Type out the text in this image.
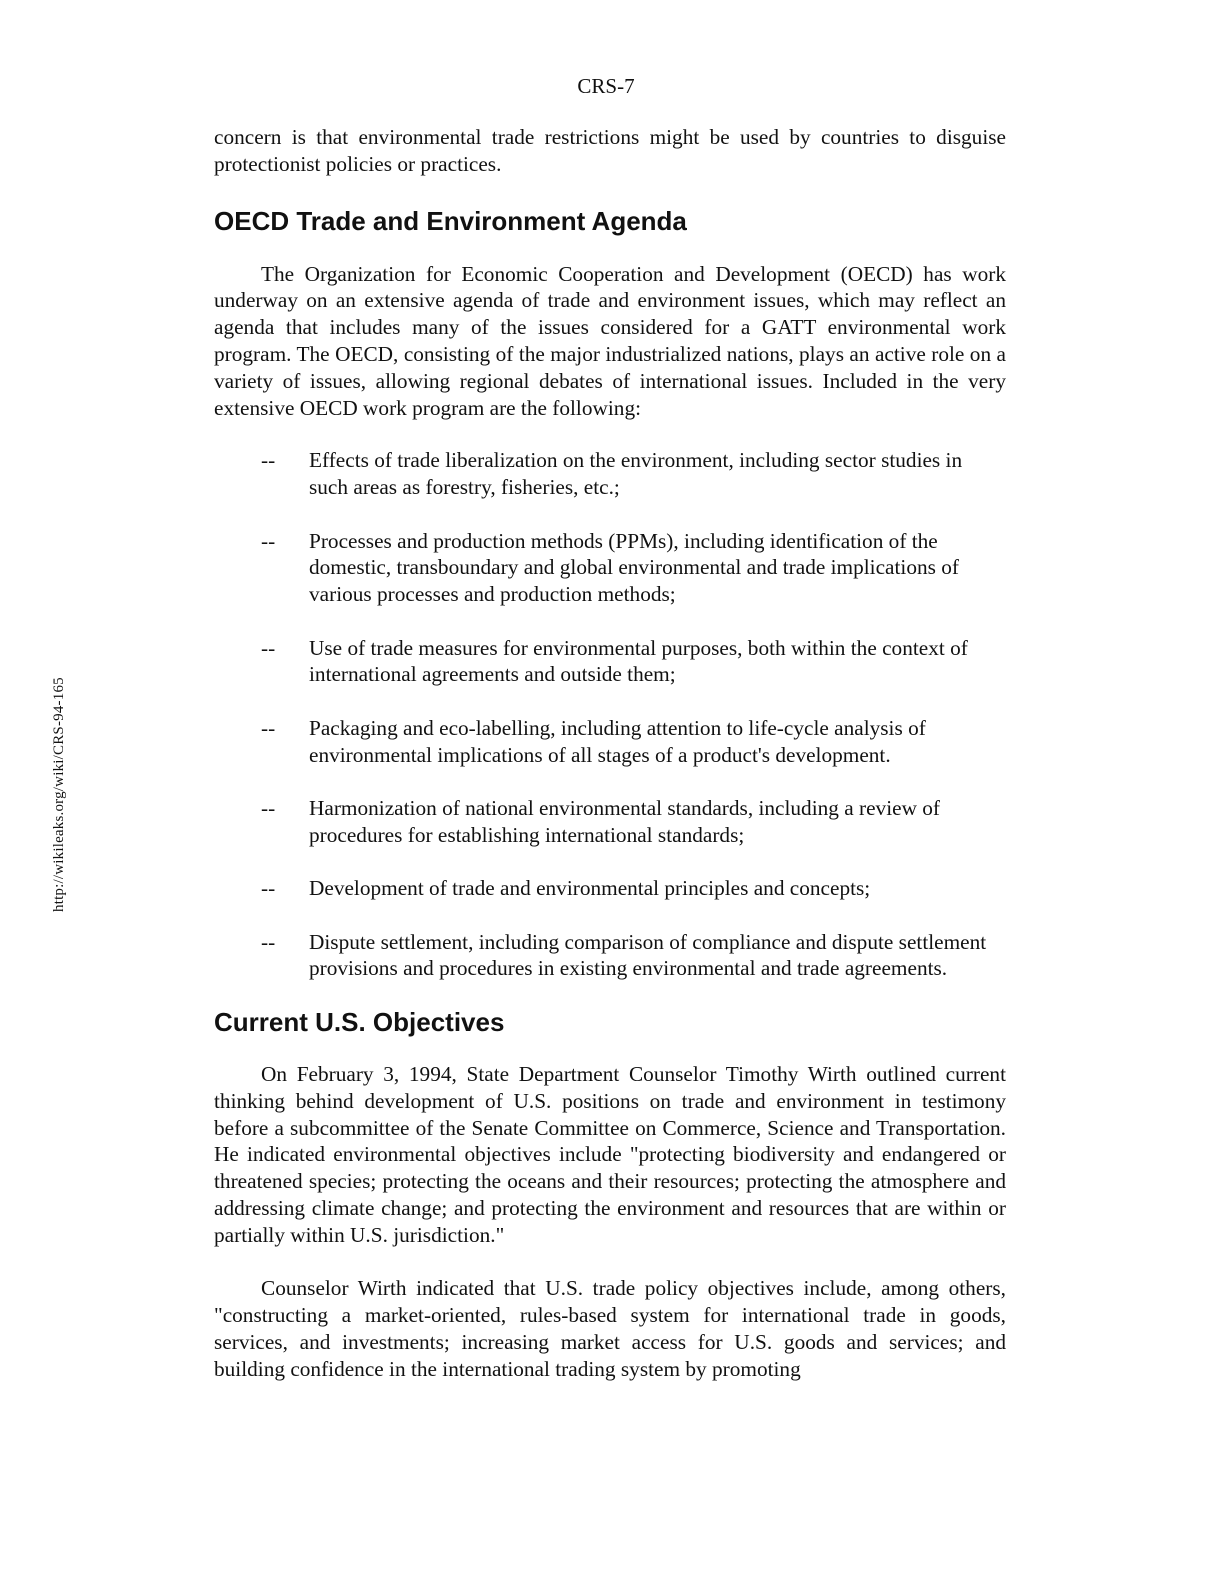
CRS-7
http://wikileaks.org/wiki/CRS-94-165

concern is that environmental trade restrictions might be used by countries to disguise protectionist policies or practices.

OECD Trade and Environment Agenda

The Organization for Economic Cooperation and Development (OECD) has work underway on an extensive agenda of trade and environment issues, which may reflect an agenda that includes many of the issues considered for a GATT environmental work program. The OECD, consisting of the major industrialized nations, plays an active role on a variety of issues, allowing regional debates of international issues. Included in the very extensive OECD work program are the following:

--	Effects of trade liberalization on the environment, including sector studies in such areas as forestry, fisheries, etc.;
--	Processes and production methods (PPMs), including identification of the domestic, transboundary and global environmental and trade implications of various processes and production methods;
--	Use of trade measures for environmental purposes, both within the context of international agreements and outside them;
--	Packaging and eco-labelling, including attention to life-cycle analysis of environmental implications of all stages of a product's development.
--	Harmonization of national environmental standards, including a review of procedures for establishing international standards;
--	Development of trade and environmental principles and concepts;
--	Dispute settlement, including comparison of compliance and dispute settlement provisions and procedures in existing environmental and trade agreements.
Current U.S. Objectives

On February 3, 1994, State Department Counselor Timothy Wirth outlined current thinking behind development of U.S. positions on trade and environment in testimony before a subcommittee of the Senate Committee on Commerce, Science and Transportation. He indicated environmental objectives include "protecting biodiversity and endangered or threatened species; protecting the oceans and their resources; protecting the atmosphere and addressing climate change; and protecting the environment and resources that are within or partially within U.S. jurisdiction."

Counselor Wirth indicated that U.S. trade policy objectives include, among others, "constructing a market-oriented, rules-based system for international trade in goods, services, and investments; increasing market access for U.S. goods and services; and building confidence in the international trading system by promoting
